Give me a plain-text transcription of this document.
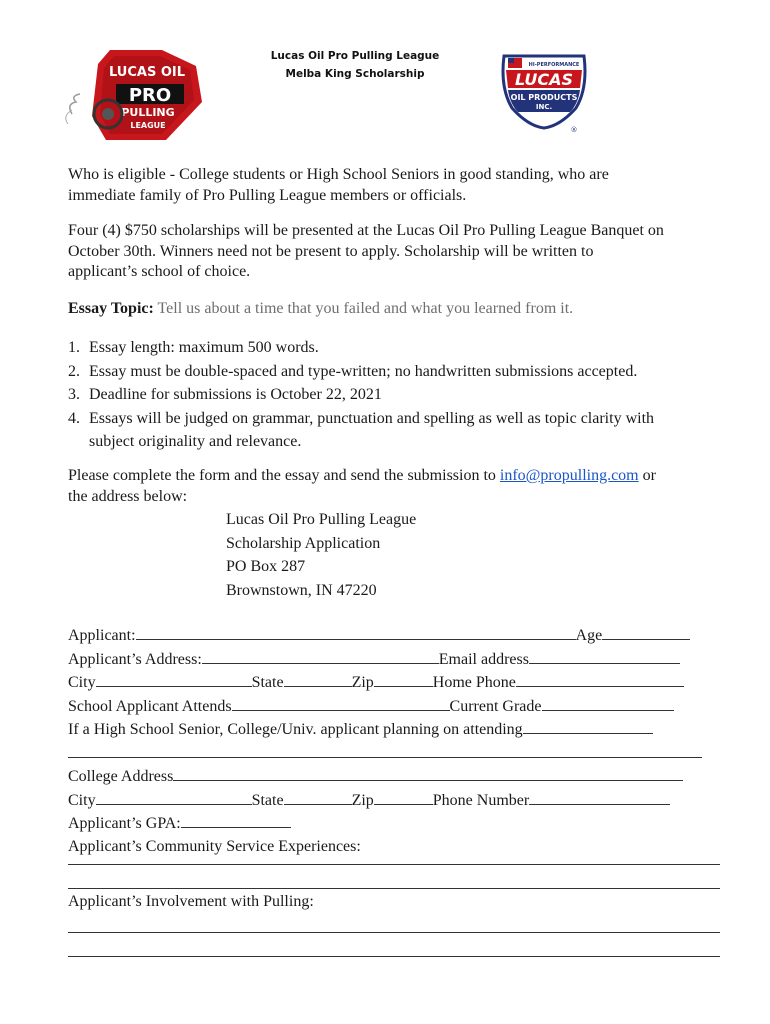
LUCAS OIL
PRO
PULLING
LEAGUE
Lucas Oil Pro Pulling League
Melba King Scholarship
HI-PERFORMANCE
LUCAS
OIL PRODUCTS
INC.
®
Who is eligible - College students or High School Seniors in good standing, who are
immediate family of Pro Pulling League members or officials.
Four (4) $750 scholarships will be presented at the Lucas Oil Pro Pulling League Banquet on
October 30th. Winners need not be present to apply. Scholarship will be written to
applicant’s school of choice.
Essay Topic: Tell us about a time that you failed and what you learned from it.
1. Essay length: maximum 500 words.
2. Essay must be double-spaced and type-written; no handwritten submissions accepted.
3. Deadline for submissions is October 22, 2021
4. Essays will be judged on grammar, punctuation and spelling as well as topic clarity with
subject originality and relevance.
Please complete the form and the essay and send the submission to info@propulling.com or
the address below:
Lucas Oil Pro Pulling League
Scholarship Application
PO Box 287
Brownstown, IN 47220
Applicant:	Age
Applicant’s Address:	Email address
City	State	Zip	Home Phone
School Applicant Attends	Current Grade
If a High School Senior, College/Univ. applicant planning on attending
College Address
City	State	Zip	Phone Number
Applicant’s GPA:
Applicant’s Community Service Experiences:
Applicant’s Involvement with Pulling:
